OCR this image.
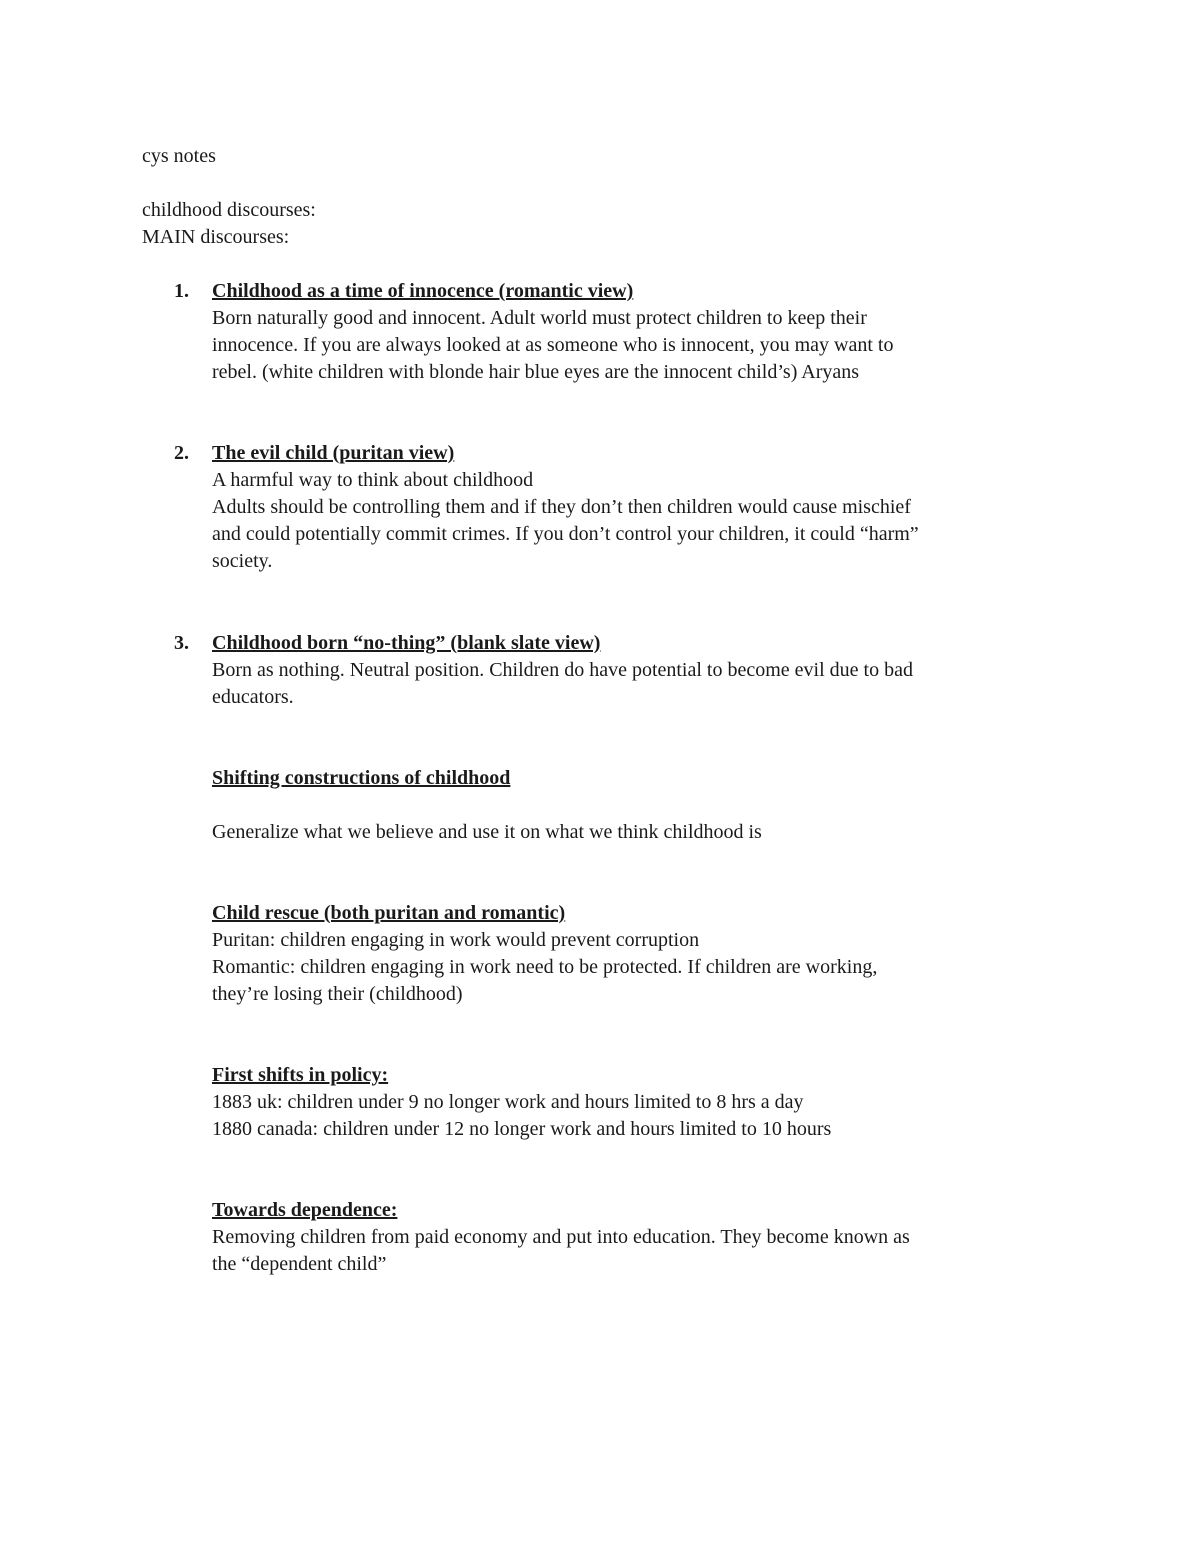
cys notes
childhood discourses:
MAIN discourses:
1. Childhood as a time of innocence (romantic view)
Born naturally good and innocent. Adult world must protect children to keep their
innocence. If you are always looked at as someone who is innocent, you may want to
rebel. (white children with blonde hair blue eyes are the innocent child’s) Aryans
2. The evil child (puritan view)
A harmful way to think about childhood
Adults should be controlling them and if they don’t then children would cause mischief
and could potentially commit crimes. If you don’t control your children, it could “harm”
society.
3. Childhood born “no-thing” (blank slate view)
Born as nothing. Neutral position. Children do have potential to become evil due to bad
educators.
Shifting constructions of childhood
Generalize what we believe and use it on what we think childhood is
Child rescue (both puritan and romantic)
Puritan: children engaging in work would prevent corruption
Romantic: children engaging in work need to be protected. If children are working,
they’re losing their (childhood)
First shifts in policy:
1883 uk: children under 9 no longer work and hours limited to 8 hrs a day
1880 canada: children under 12 no longer work and hours limited to 10 hours
Towards dependence:
Removing children from paid economy and put into education. They become known as
the “dependent child”
